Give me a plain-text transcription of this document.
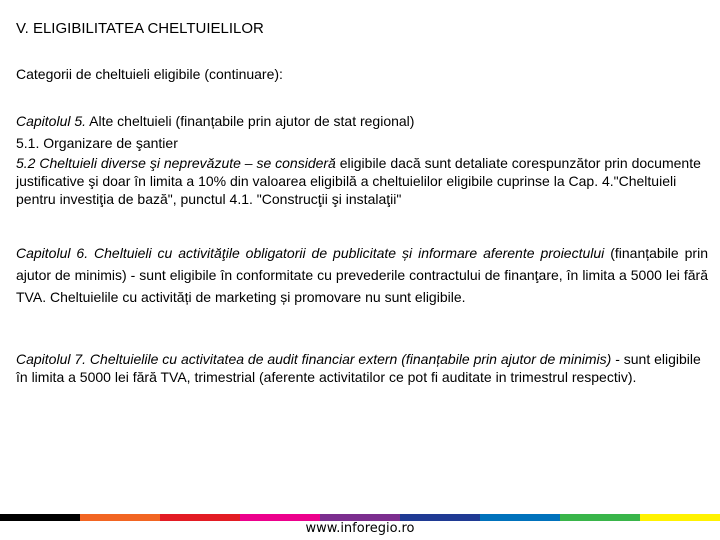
V. ELIGIBILITATEA CHELTUIELILOR
Categorii de cheltuieli eligibile (continuare):

Capitolul 5. Alte cheltuieli (finanțabile prin ajutor de stat regional)

5.1. Organizare de şantier

5.2 Cheltuieli diverse şi neprevăzute – se consideră eligibile dacă sunt detaliate corespunzător prin documente justificative şi doar în limita a 10% din valoarea eligibilă a cheltuielilor eligibile cuprinse la Cap. 4."Cheltuieli pentru investiţia de bază", punctul 4.1. "Construcţii şi instalaţii"

Capitolul 6. Cheltuieli cu activităţile obligatorii de publicitate și informare aferente proiectului (finanțabile prin ajutor de minimis) - sunt eligibile în conformitate cu prevederile contractului de finanţare, în limita a 5000 lei fără TVA. Cheltuielile cu activități de marketing și promovare nu sunt eligibile.

Capitolul 7. Cheltuielile cu activitatea de audit financiar extern (finanțabile prin ajutor de minimis) - sunt eligibile în limita a 5000 lei fără TVA, trimestrial (aferente activitatilor ce pot fi auditate in trimestrul respectiv).

www.inforegio.ro
